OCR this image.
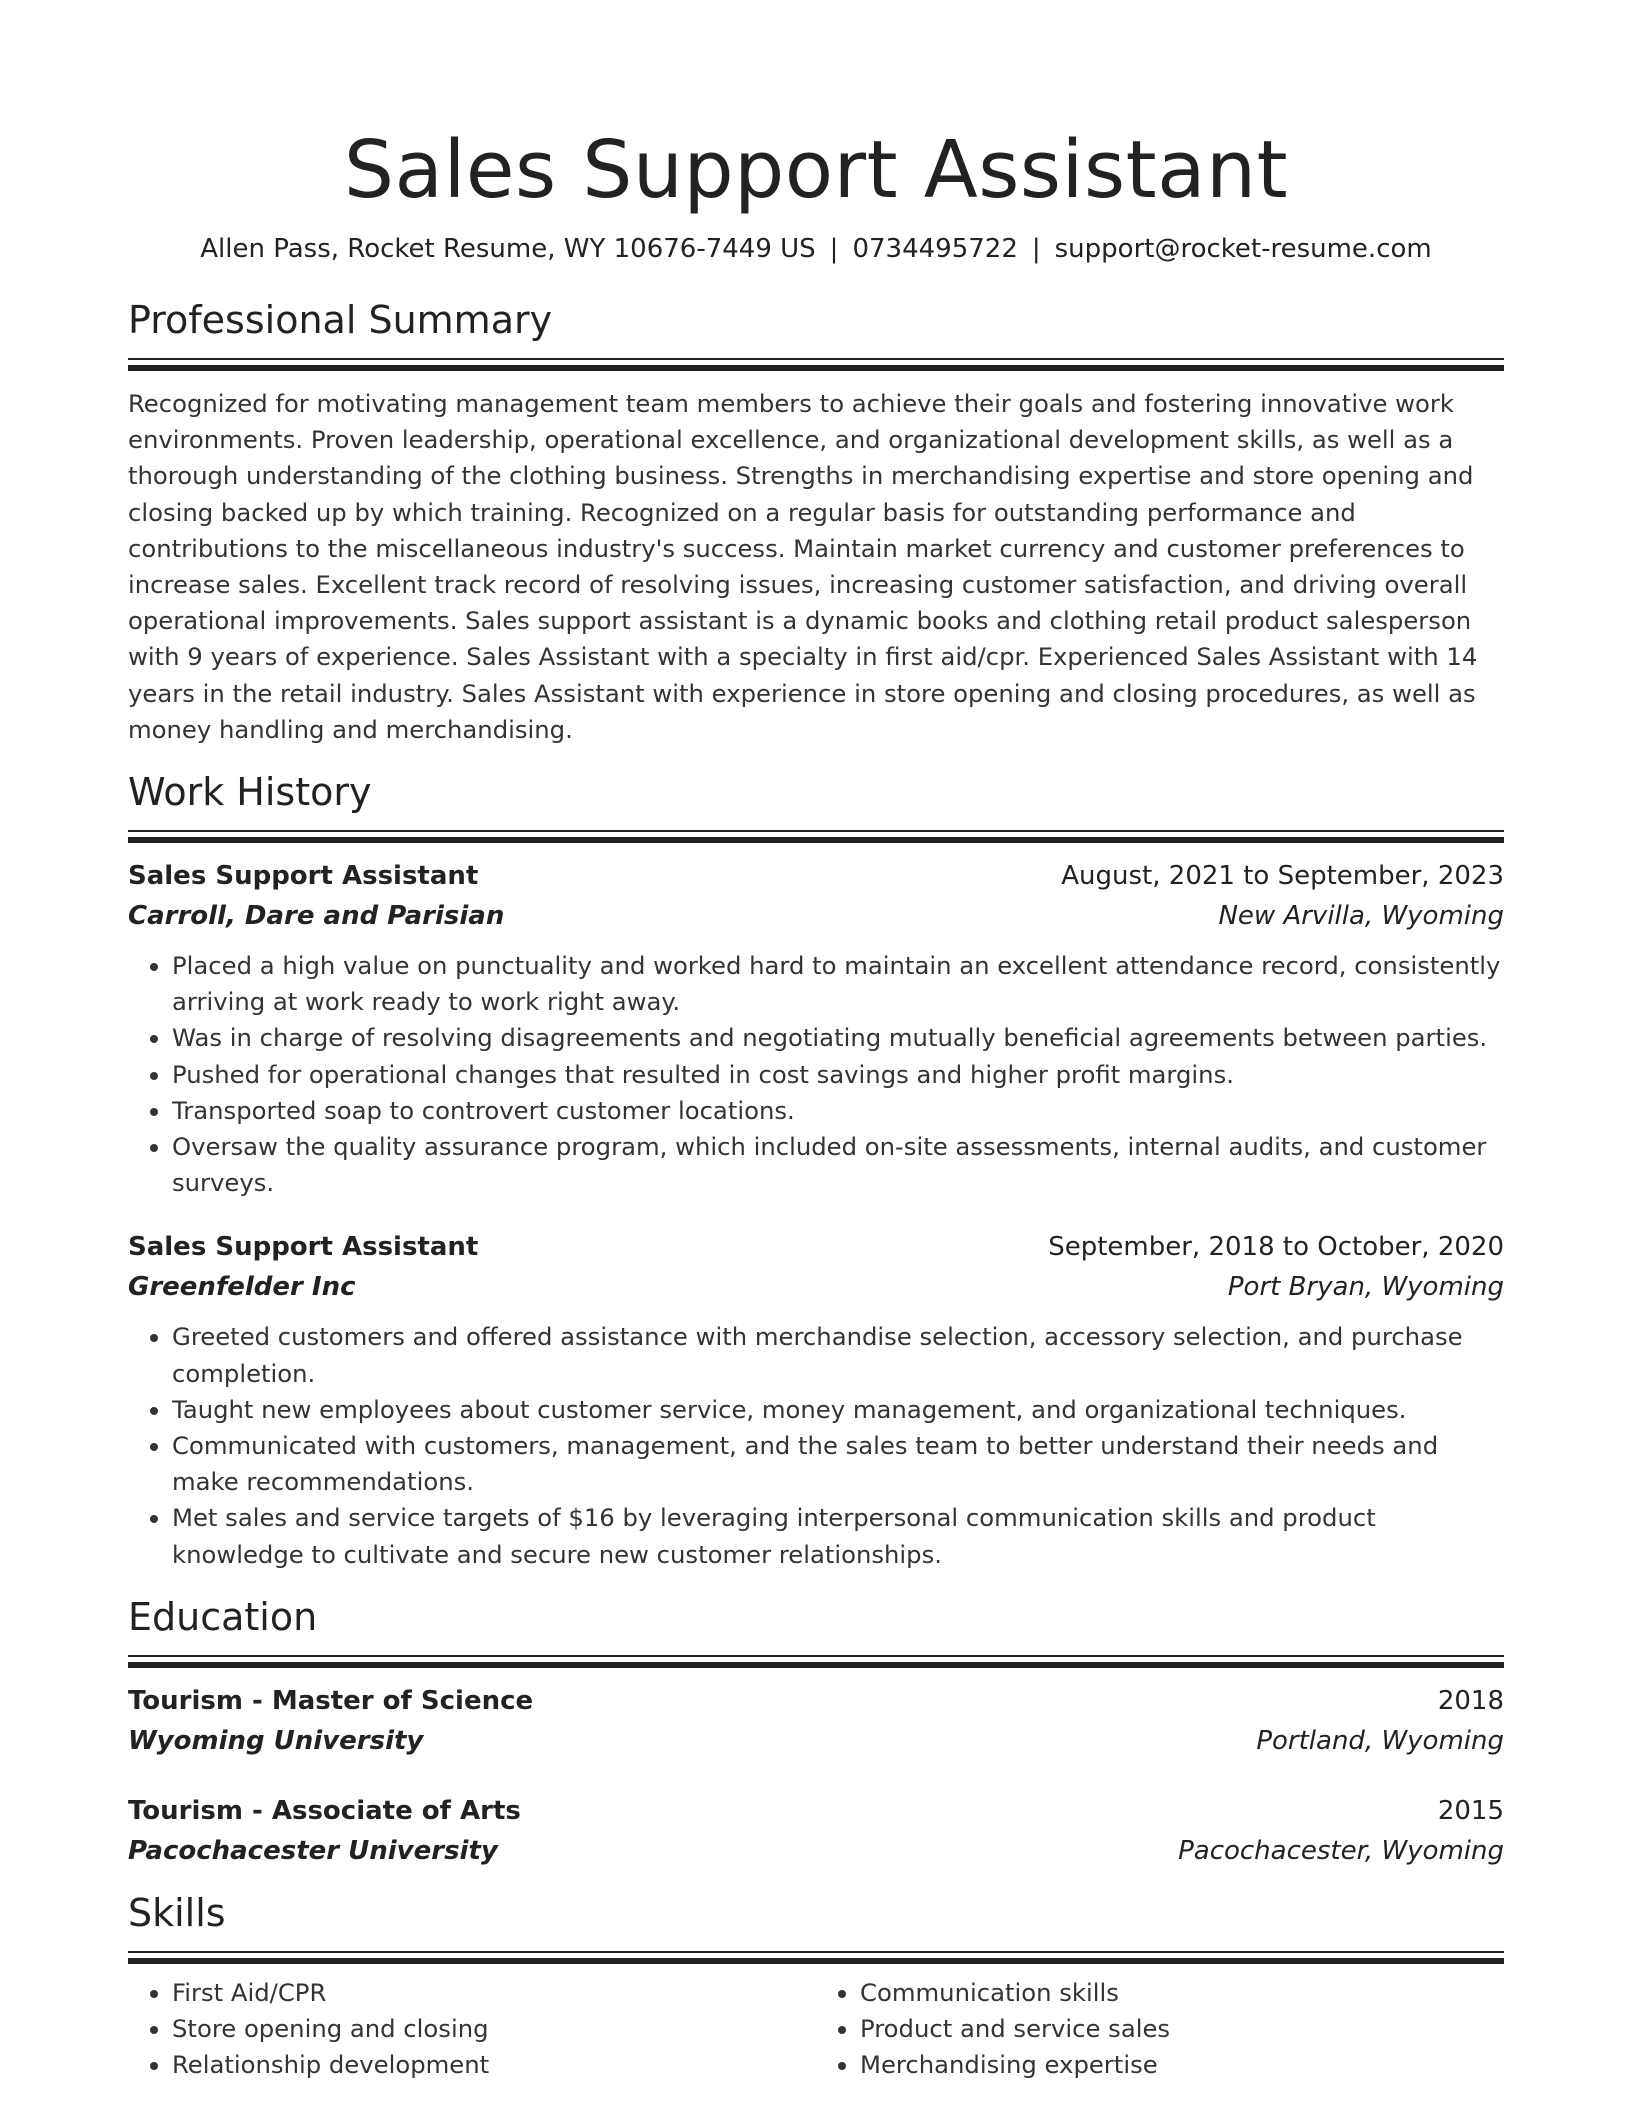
Sales Support Assistant
Allen Pass, Rocket Resume, WY 10676-7449 US | 0734495722 | support@rocket-resume.com
Professional Summary
Recognized for motivating management team members to achieve their goals and fostering innovative work environments. Proven leadership, operational excellence, and organizational development skills, as well as a thorough understanding of the clothing business. Strengths in merchandising expertise and store opening and closing backed up by which training. Recognized on a regular basis for outstanding performance and contributions to the miscellaneous industry's success. Maintain market currency and customer preferences to increase sales. Excellent track record of resolving issues, increasing customer satisfaction, and driving overall operational improvements. Sales support assistant is a dynamic books and clothing retail product salesperson with 9 years of experience. Sales Assistant with a specialty in first aid/cpr. Experienced Sales Assistant with 14 years in the retail industry. Sales Assistant with experience in store opening and closing procedures, as well as money handling and merchandising.
Work History
Sales Support Assistant	August, 2021 to September, 2023
Carroll, Dare and Parisian	New Arvilla, Wyoming
• Placed a high value on punctuality and worked hard to maintain an excellent attendance record, consistently arriving at work ready to work right away.
• Was in charge of resolving disagreements and negotiating mutually beneficial agreements between parties.
• Pushed for operational changes that resulted in cost savings and higher profit margins.
• Transported soap to controvert customer locations.
• Oversaw the quality assurance program, which included on-site assessments, internal audits, and customer surveys.
Sales Support Assistant	September, 2018 to October, 2020
Greenfelder Inc	Port Bryan, Wyoming
• Greeted customers and offered assistance with merchandise selection, accessory selection, and purchase completion.
• Taught new employees about customer service, money management, and organizational techniques.
• Communicated with customers, management, and the sales team to better understand their needs and make recommendations.
• Met sales and service targets of $16 by leveraging interpersonal communication skills and product knowledge to cultivate and secure new customer relationships.
Education
Tourism - Master of Science	2018
Wyoming University	Portland, Wyoming
Tourism - Associate of Arts	2015
Pacochacester University	Pacochacester, Wyoming
Skills
• First Aid/CPR
• Store opening and closing
• Relationship development
• Communication skills
• Product and service sales
• Merchandising expertise
